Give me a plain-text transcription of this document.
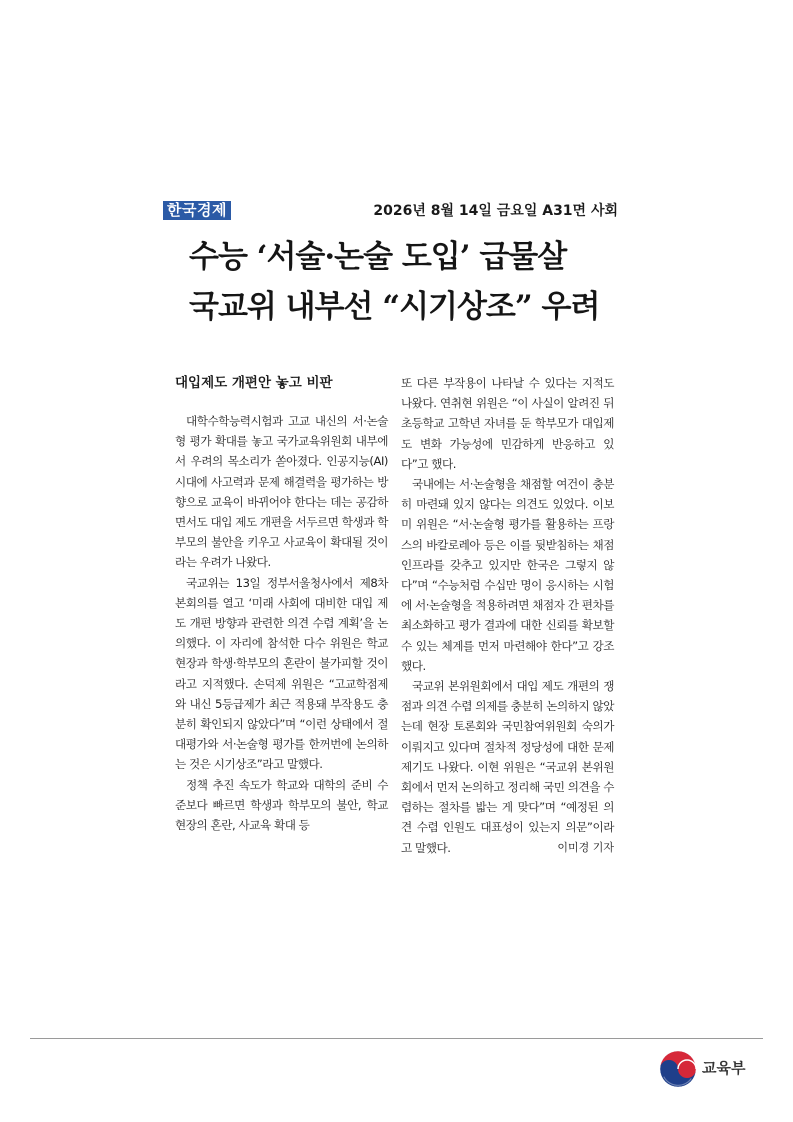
한국경제	2026년 8월 14일 금요일 A31면 사회
수능 ‘서술·논술 도입’ 급물살
국교위 내부선 “시기상조” 우려
대입제도 개편안 놓고 비판

대학수학능력시험과 고교 내신의 서·논술형 평가 확대를 놓고 국가교육위원회 내부에서 우려의 목소리가 쏟아졌다. 인공지능(AI) 시대에 사고력과 문제 해결력을 평가하는 방향으로 교육이 바뀌어야 한다는 데는 공감하면서도 대입 제도 개편을 서두르면 학생과 학부모의 불안을 키우고 사교육이 확대될 것이라는 우려가 나왔다.

국교위는 13일 정부서울청사에서 제8차 본회의를 열고 ‘미래 사회에 대비한 대입 제도 개편 방향과 관련한 의견 수렴 계획’을 논의했다. 이 자리에 참석한 다수 위원은 학교 현장과 학생·학부모의 혼란이 불가피할 것이라고 지적했다. 손덕제 위원은 “고교학점제와 내신 5등급제가 최근 적용돼 부작용도 충분히 확인되지 않았다”며 “이런 상태에서 절대평가와 서·논술형 평가를 한꺼번에 논의하는 것은 시기상조”라고 말했다.

정책 추진 속도가 학교와 대학의 준비 수준보다 빠르면 학생과 학부모의 불안, 학교 현장의 혼란, 사교육 확대 등

또 다른 부작용이 나타날 수 있다는 지적도 나왔다. 연취현 위원은 “이 사실이 알려진 뒤 초등학교 고학년 자녀를 둔 학부모가 대입제도 변화 가능성에 민감하게 반응하고 있다”고 했다.

국내에는 서·논술형을 채점할 여건이 충분히 마련돼 있지 않다는 의견도 있었다. 이보미 위원은 “서·논술형 평가를 활용하는 프랑스의 바칼로레아 등은 이를 뒷받침하는 채점 인프라를 갖추고 있지만 한국은 그렇지 않다”며 “수능처럼 수십만 명이 응시하는 시험에 서·논술형을 적용하려면 채점자 간 편차를 최소화하고 평가 결과에 대한 신뢰를 확보할 수 있는 체계를 먼저 마련해야 한다”고 강조했다.

국교위 본위원회에서 대입 제도 개편의 쟁점과 의견 수렴 의제를 충분히 논의하지 않았는데 현장 토론회와 국민참여위원회 숙의가 이뤄지고 있다며 절차적 정당성에 대한 문제 제기도 나왔다. 이현 위원은 “국교위 본위원회에서 먼저 논의하고 정리해 국민 의견을 수렴하는 절차를 밟는 게 맞다”며 “예정된 의견 수렴 인원도 대표성이 있는지 의문”이라고 말했다.	이미경 기자

교육부
